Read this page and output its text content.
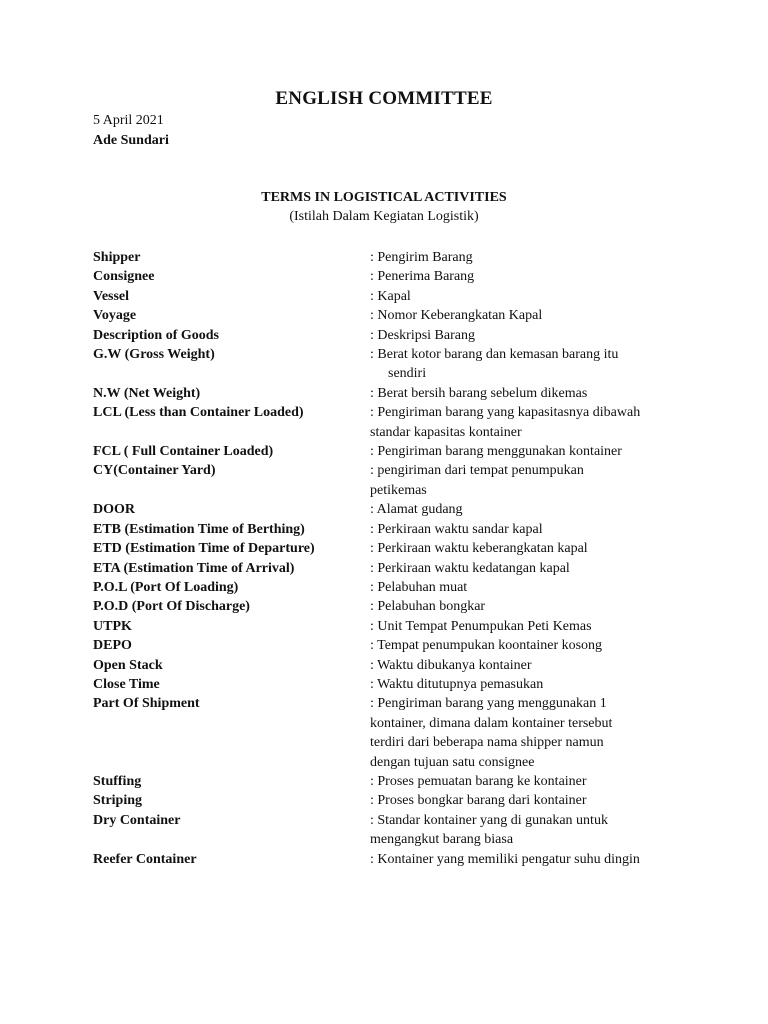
ENGLISH COMMITTEE
5 April 2021
Ade Sundari
TERMS IN LOGISTICAL ACTIVITIES
(Istilah Dalam Kegiatan Logistik)
Shipper	: Pengirim Barang
Consignee	: Penerima Barang
Vessel	: Kapal
Voyage	: Nomor Keberangkatan Kapal
Description of Goods	: Deskripsi Barang
G.W (Gross Weight)	: Berat kotor barang dan kemasan barang itu
sendiri
N.W (Net Weight)	: Berat bersih barang sebelum dikemas
LCL (Less than Container Loaded)	: Pengiriman barang yang kapasitasnya dibawah
standar kapasitas kontainer
FCL ( Full Container Loaded)	: Pengiriman barang menggunakan kontainer
CY(Container Yard)	: pengiriman dari tempat penumpukan
petikemas
DOOR	: Alamat gudang
ETB (Estimation Time of Berthing)	: Perkiraan waktu sandar kapal
ETD (Estimation Time of Departure)	: Perkiraan waktu keberangkatan kapal
ETA (Estimation Time of Arrival)	: Perkiraan waktu kedatangan kapal
P.O.L (Port Of Loading)	: Pelabuhan muat
P.O.D (Port Of Discharge)	: Pelabuhan bongkar
UTPK	: Unit Tempat Penumpukan Peti Kemas
DEPO	: Tempat penumpukan koontainer kosong
Open Stack	: Waktu dibukanya kontainer
Close Time	: Waktu ditutupnya pemasukan
Part Of Shipment	: Pengiriman barang yang menggunakan 1
kontainer, dimana dalam kontainer tersebut
terdiri dari beberapa nama shipper namun
dengan tujuan satu consignee
Stuffing	: Proses pemuatan barang ke kontainer
Striping	: Proses bongkar barang dari kontainer
Dry Container	: Standar kontainer yang di gunakan untuk
mengangkut barang biasa
Reefer Container	: Kontainer yang memiliki pengatur suhu dingin
